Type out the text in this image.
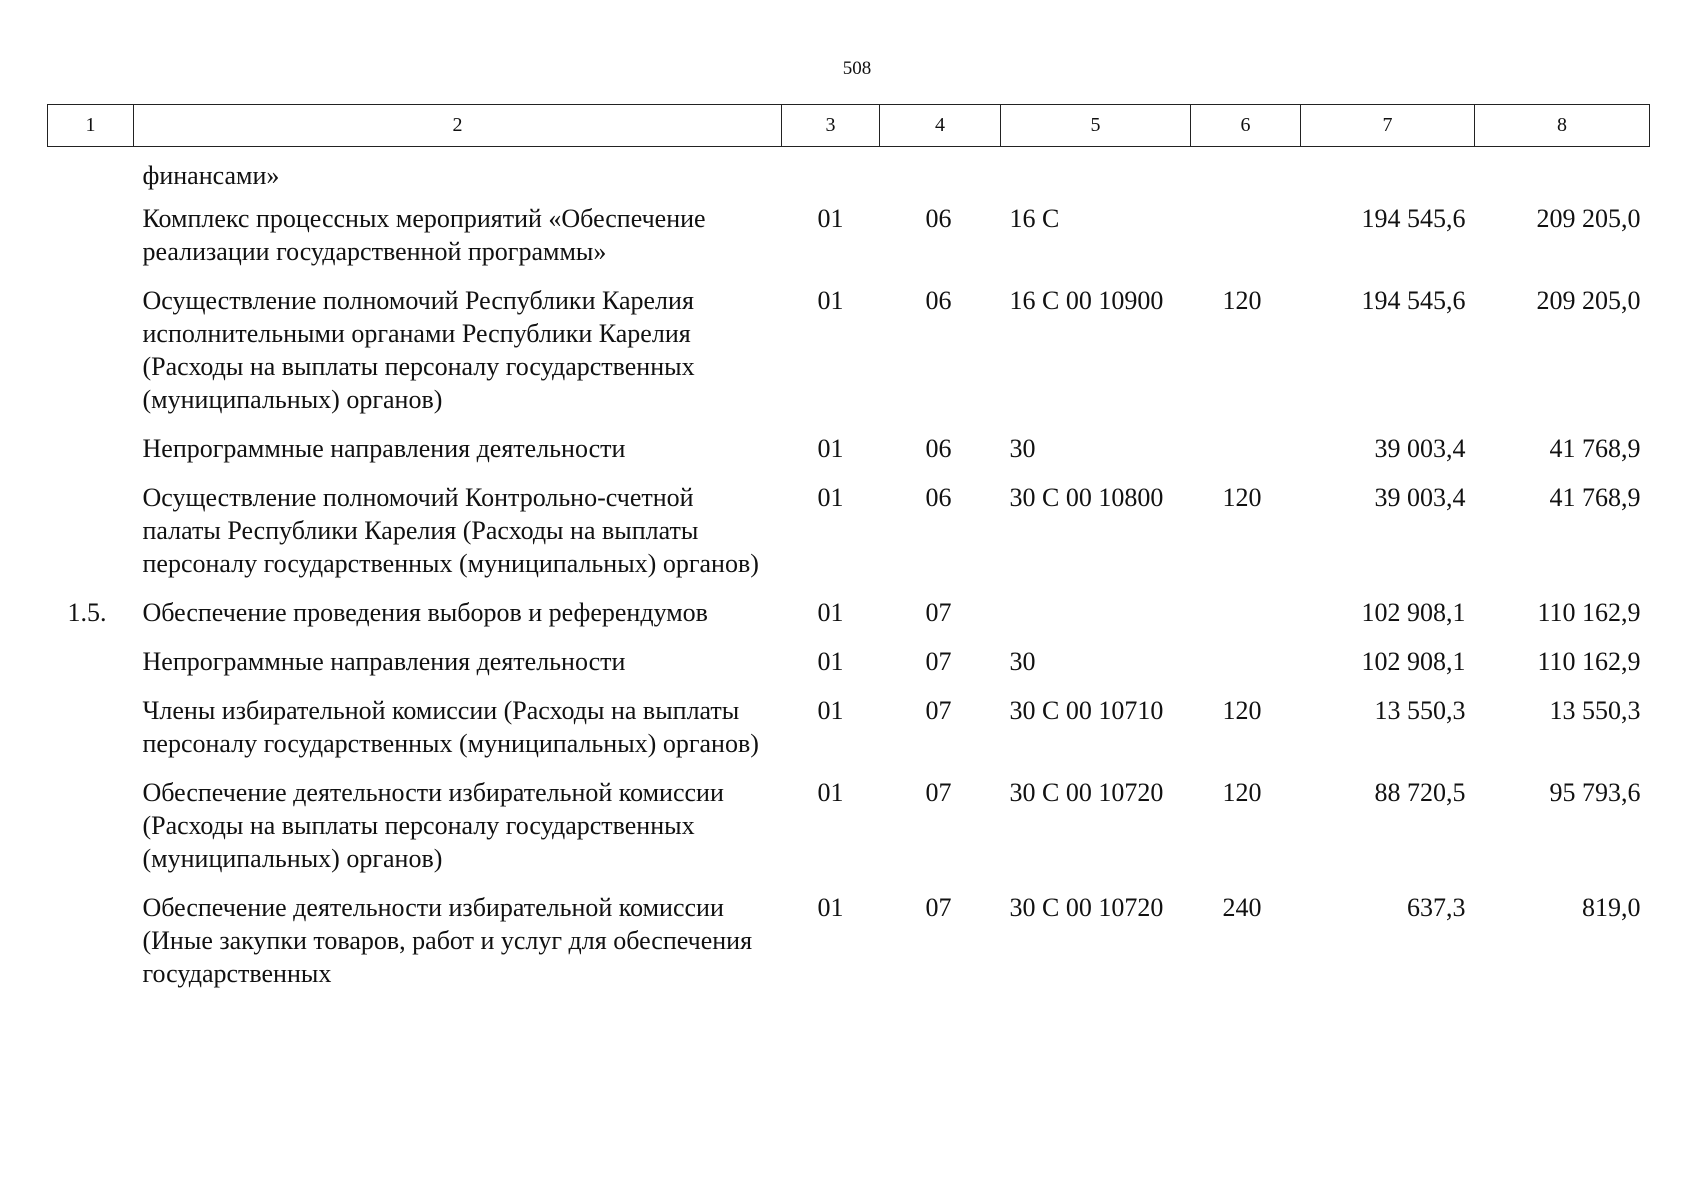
508
1	2	3	4	5	6	7	8
	финансами»						
	Комплекс процессных мероприятий «Обеспечение реализации государственной программы»	01	06	16 С		194 545,6	209 205,0
	Осуществление полномочий Республики Карелия исполнительными органами Республики Карелия (Расходы на выплаты персоналу государственных (муниципальных) органов)	01	06	16 С 00 10900	120	194 545,6	209 205,0
	Непрограммные направления деятельности	01	06	30		39 003,4	41 768,9
	Осуществление полномочий Контрольно-счетной палаты Республики Карелия (Расходы на выплаты персоналу государственных (муниципальных) органов)	01	06	30 С 00 10800	120	39 003,4	41 768,9
1.5.	Обеспечение проведения выборов и референдумов	01	07			102 908,1	110 162,9
	Непрограммные направления деятельности	01	07	30		102 908,1	110 162,9
	Члены избирательной комиссии (Расходы на выплаты персоналу государственных (муниципальных) органов)	01	07	30 С 00 10710	120	13 550,3	13 550,3
	Обеспечение деятельности избирательной комиссии (Расходы на выплаты персоналу государственных (муниципальных) органов)	01	07	30 С 00 10720	120	88 720,5	95 793,6
	Обеспечение деятельности избирательной комиссии (Иные закупки товаров, работ и услуг для обеспечения государственных	01	07	30 С 00 10720	240	637,3	819,0
